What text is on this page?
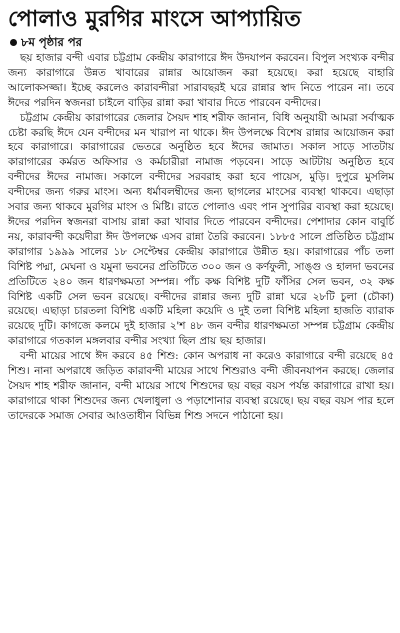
পোলাও মুরগির মাংসে আপ্যায়িত
৮ম পৃষ্ঠার পর

ছয় হাজার বন্দী এবার চট্টগ্রাম কেন্দ্রীয় কারাগারে ঈদ উদযাপন করবেন। বিপুল সংখ্যক বন্দীর জন্য কারাগারে উন্নত খাবারের রান্নার আয়োজন করা হয়েছে। করা হয়েছে বাহারি আলোকসজ্জা। ইচ্ছে করলেও কারাবন্দীরা সারাবছরই ঘরে রান্নার স্বাদ নিতে পারেন না। তবে ঈদের পরদিন স্বজনরা চাইলে বাড়ির রান্না করা খাবার দিতে পারবেন বন্দীদের।

চট্টগ্রাম কেন্দ্রীয় কারাগারের জেলার সৈয়দ শাহ শরীফ জানান, বিধি অনুযায়ী আমরা সর্বাত্মক চেষ্টা করছি ঈদে যেন বন্দীদের মন খারাপ না থাকে। ঈদ উপলক্ষে বিশেষ রান্নার আয়োজন করা হবে কারাগারে। কারাগারের ভেতরে অনুষ্ঠিত হবে ঈদের জামাত। সকাল সাড়ে সাতটায় কারাগারের কর্মরত অফিসার ও কর্মচারীরা নামাজ পড়বেন। সাড়ে আটটায় অনুষ্ঠিত হবে বন্দীদের ঈদের নামাজ। সকালে বন্দীদের সরবরাহ করা হবে পায়েস, মুড়ি। দুপুরে মুসলিম বন্দীদের জন্য গরুর মাংস। অন্য ধর্মাবলম্বীদের জন্য ছাগলের মাংসের ব্যবস্থা থাকবে। এছাড়া সবার জন্য থাকবে মুরগির মাংস ও মিষ্টি। রাতে পোলাও এবং পান সুপারির ব্যবস্থা করা হয়েছে। ঈদের পরদিন স্বজনরা বাসায় রান্না করা খাবার দিতে পারবেন বন্দীদের। পেশাদার কোন বাবুর্চি নয়, কারাবন্দী কয়েদীরা ঈদ উপলক্ষে এসব রান্না তৈরি করবেন। ১৮৮৫ সালে প্রতিষ্ঠিত চট্টগ্রাম কারাগার ১৯৯৯ সালের ১৮ সেপ্টেম্বর কেন্দ্রীয় কারাগারে উন্নীত হয়। কারাগারের পাঁচ তলা বিশিষ্ট পদ্মা, মেঘনা ও যমুনা ভবনের প্রতিটিতে ৩০০ জন ও কর্ণফুলী, সাঙ্গু ও হালদা ভবনের প্রতিটিতে ২৪০ জন ধারণক্ষমতা সম্পন্ন। পাঁচ কক্ষ বিশিষ্ট দুটি ফাঁসির সেল ভবন, ৩২ কক্ষ বিশিষ্ট একটি সেল ভবন রয়েছে। বন্দীদের রান্নার জন্য দুটি রান্না ঘরে ২৮টি চুলা (চৌকা) রয়েছে। এছাড়া চারতলা বিশিষ্ট একটি মহিলা কয়েদি ও দুই তলা বিশিষ্ট মহিলা হাজতি ব্যারাক রয়েছে দুটি। কাগজে কলমে দুই হাজার ২'শ ৪৮ জন বন্দীর ধারণক্ষমতা সম্পন্ন চট্টগ্রাম কেন্দ্রীয় কারাগারে গতকাল মঙ্গলবার বন্দীর সংখ্যা ছিল প্রায় ছয় হাজার।

বন্দী মায়ের সাথে ঈদ করবে ৪৫ শিশু: কোন অপরাধ না করেও কারাগারে বন্দী রয়েছে ৪৫ শিশু। নানা অপরাধে জড়িত কারাবন্দী মায়ের সাথে শিশুরাও বন্দী জীবনযাপন করছে। জেলার সৈয়দ শাহ শরীফ জানান, বন্দী মায়ের সাথে শিশুদের ছয় বছর বয়স পর্যন্ত কারাগারে রাখা হয়। কারাগারে থাকা শিশুদের জন্য খেলাধুলা ও পড়াশোনার ব্যবস্থা রয়েছে। ছয় বছর বয়স পার হলে তাদেরকে সমাজ সেবার আওতাধীন বিভিন্ন শিশু সদনে পাঠানো হয়।
